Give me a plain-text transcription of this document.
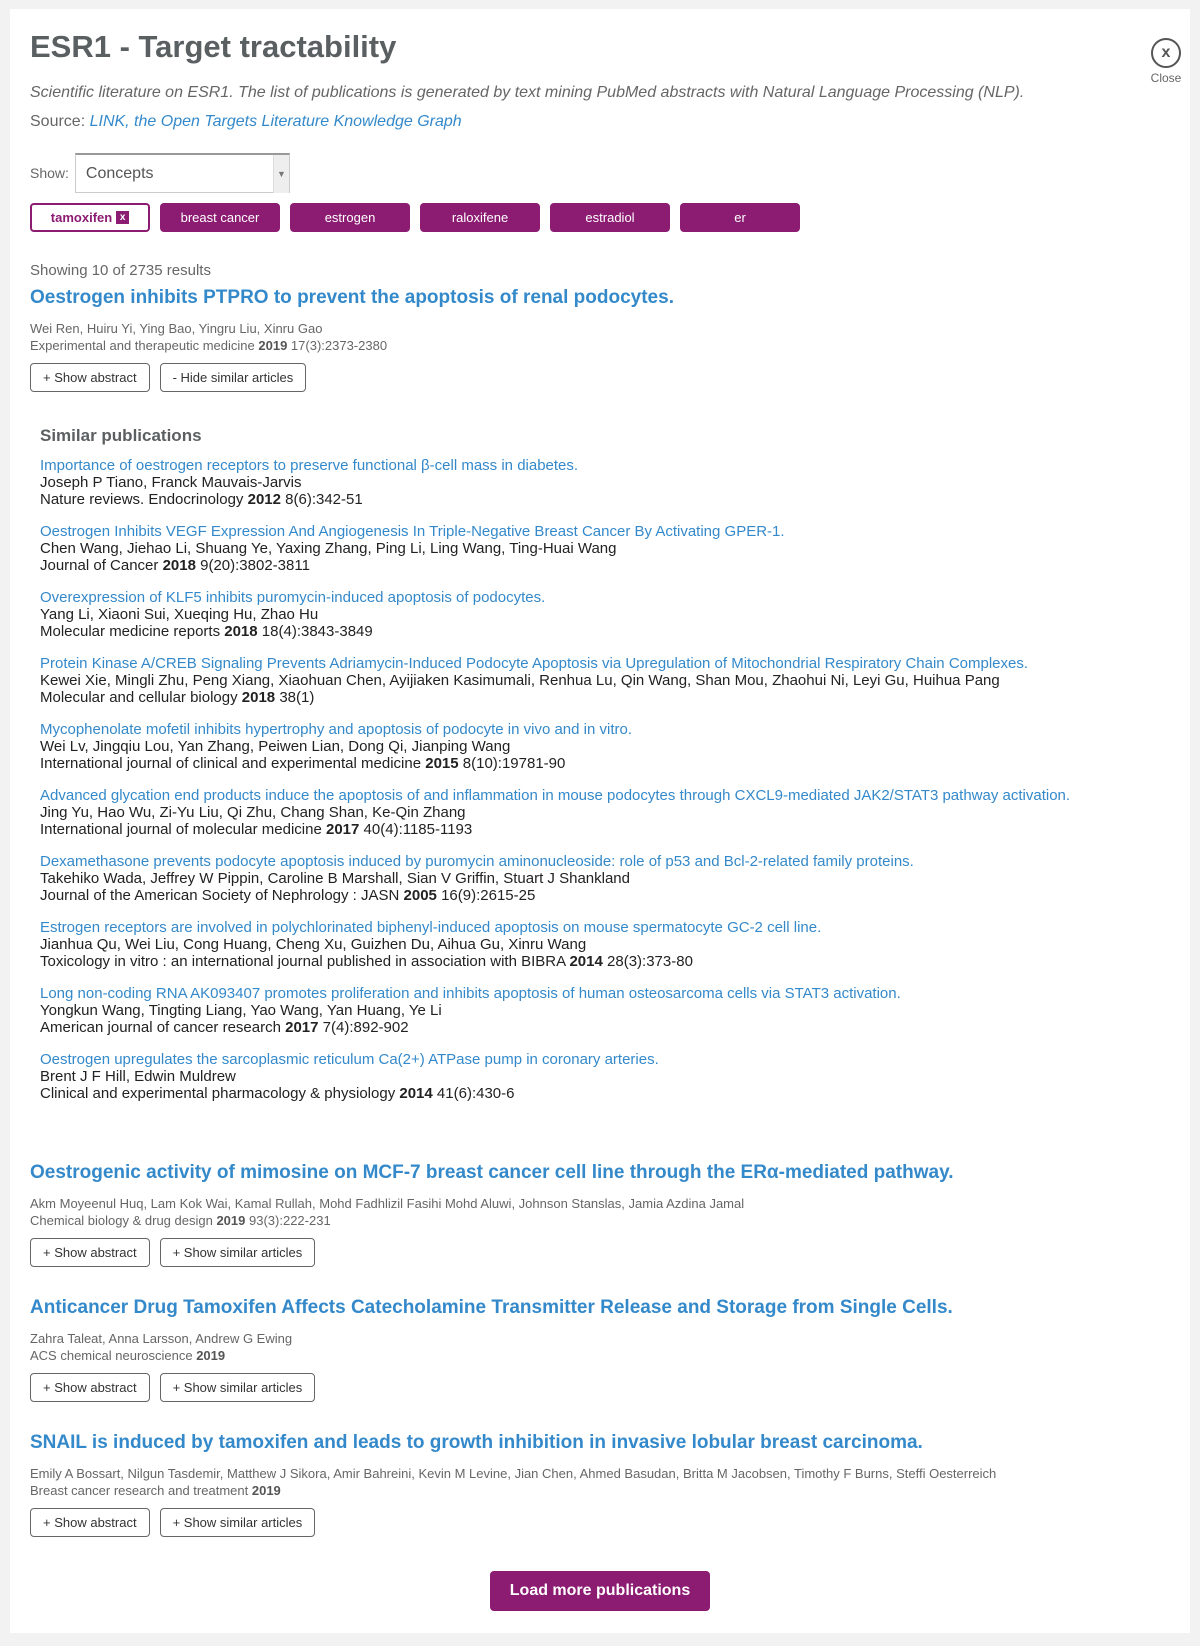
ESR1 - Target tractability	x
Close
Scientific literature on ESR1. The list of publications is generated by text mining PubMed abstracts with Natural Language Processing (NLP).
Source: LINK, the Open Targets Literature Knowledge Graph
Show:	Concepts	▼
tamoxifen x	breast cancer	estrogen	raloxifene	estradiol	er
Showing 10 of 2735 results
Oestrogen inhibits PTPRO to prevent the apoptosis of renal podocytes.
Wei Ren, Huiru Yi, Ying Bao, Yingru Liu, Xinru Gao
Experimental and therapeutic medicine 2019 17(3):2373-2380
+ Show abstract	- Hide similar articles
Similar publications
Importance of oestrogen receptors to preserve functional β-cell mass in diabetes.
Joseph P Tiano, Franck Mauvais-Jarvis
Nature reviews. Endocrinology 2012 8(6):342-51
Oestrogen Inhibits VEGF Expression And Angiogenesis In Triple-Negative Breast Cancer By Activating GPER-1.
Chen Wang, Jiehao Li, Shuang Ye, Yaxing Zhang, Ping Li, Ling Wang, Ting-Huai Wang
Journal of Cancer 2018 9(20):3802-3811
Overexpression of KLF5 inhibits puromycin-induced apoptosis of podocytes.
Yang Li, Xiaoni Sui, Xueqing Hu, Zhao Hu
Molecular medicine reports 2018 18(4):3843-3849
Protein Kinase A/CREB Signaling Prevents Adriamycin-Induced Podocyte Apoptosis via Upregulation of Mitochondrial Respiratory Chain Complexes.
Kewei Xie, Mingli Zhu, Peng Xiang, Xiaohuan Chen, Ayijiaken Kasimumali, Renhua Lu, Qin Wang, Shan Mou, Zhaohui Ni, Leyi Gu, Huihua Pang
Molecular and cellular biology 2018 38(1)
Mycophenolate mofetil inhibits hypertrophy and apoptosis of podocyte in vivo and in vitro.
Wei Lv, Jingqiu Lou, Yan Zhang, Peiwen Lian, Dong Qi, Jianping Wang
International journal of clinical and experimental medicine 2015 8(10):19781-90
Advanced glycation end products induce the apoptosis of and inflammation in mouse podocytes through CXCL9-mediated JAK2/STAT3 pathway activation.
Jing Yu, Hao Wu, Zi-Yu Liu, Qi Zhu, Chang Shan, Ke-Qin Zhang
International journal of molecular medicine 2017 40(4):1185-1193
Dexamethasone prevents podocyte apoptosis induced by puromycin aminonucleoside: role of p53 and Bcl-2-related family proteins.
Takehiko Wada, Jeffrey W Pippin, Caroline B Marshall, Sian V Griffin, Stuart J Shankland
Journal of the American Society of Nephrology : JASN 2005 16(9):2615-25
Estrogen receptors are involved in polychlorinated biphenyl-induced apoptosis on mouse spermatocyte GC-2 cell line.
Jianhua Qu, Wei Liu, Cong Huang, Cheng Xu, Guizhen Du, Aihua Gu, Xinru Wang
Toxicology in vitro : an international journal published in association with BIBRA 2014 28(3):373-80
Long non-coding RNA AK093407 promotes proliferation and inhibits apoptosis of human osteosarcoma cells via STAT3 activation.
Yongkun Wang, Tingting Liang, Yao Wang, Yan Huang, Ye Li
American journal of cancer research 2017 7(4):892-902
Oestrogen upregulates the sarcoplasmic reticulum Ca(2+) ATPase pump in coronary arteries.
Brent J F Hill, Edwin Muldrew
Clinical and experimental pharmacology & physiology 2014 41(6):430-6
Oestrogenic activity of mimosine on MCF-7 breast cancer cell line through the ERα-mediated pathway.
Akm Moyeenul Huq, Lam Kok Wai, Kamal Rullah, Mohd Fadhlizil Fasihi Mohd Aluwi, Johnson Stanslas, Jamia Azdina Jamal
Chemical biology & drug design 2019 93(3):222-231
+ Show abstract	+ Show similar articles
Anticancer Drug Tamoxifen Affects Catecholamine Transmitter Release and Storage from Single Cells.
Zahra Taleat, Anna Larsson, Andrew G Ewing
ACS chemical neuroscience 2019
+ Show abstract	+ Show similar articles
SNAIL is induced by tamoxifen and leads to growth inhibition in invasive lobular breast carcinoma.
Emily A Bossart, Nilgun Tasdemir, Matthew J Sikora, Amir Bahreini, Kevin M Levine, Jian Chen, Ahmed Basudan, Britta M Jacobsen, Timothy F Burns, Steffi Oesterreich
Breast cancer research and treatment 2019
+ Show abstract	+ Show similar articles
Load more publications
